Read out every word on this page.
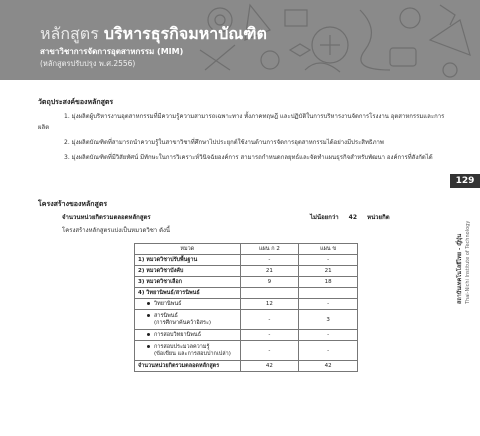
หลักสูตร บริหารธุรกิจมหาบัณฑิต
สาขาวิชาการจัดการอุตสาหกรรม (MIM)
(หลักสูตรปรับปรุง พ.ศ.2556)
129
สถาบันเทคโนโลยีไทย - ญี่ปุ่น Thai-Nichi Institute of Technology
วัตถุประสงค์ของหลักสูตร
1. มุ่งผลิตผู้บริหารงานอุตสาหกรรมที่มีความรู้ความสามารถเฉพาะทาง ทั้งภาคทฤษฎี และปฏิบัติในการบริหารงานจัดการโรงงาน อุตสาหกรรมและการผลิต
2. มุ่งผลิตบัณฑิตที่สามารถนำความรู้ในสาขาวิชาที่ศึกษาไปประยุกต์ใช้งานด้านการจัดการอุตสาหกรรมได้อย่างมีประสิทธิภาพ
3. มุ่งผลิตบัณฑิตที่มีวิสัยทัศน์ มีทักษะในการวิเคราะห์วินิจฉัยองค์การ สามารถกำหนดกลยุทธ์และจัดทำแผนธุรกิจสำหรับพัฒนา องค์การที่สังกัดได้
โครงสร้างของหลักสูตร
จำนวนหน่วยกิตรวมตลอดหลักสูตร	ไม่น้อยกว่า 42 หน่วยกิต
โครงสร้างหลักสูตรแบ่งเป็นหมวดวิชา ดังนี้
หมวด	แผน ก 2	แผน ข
1) หมวดวิชาปรับพื้นฐาน	-	-
2) หมวดวิชาบังคับ	21	21
3) หมวดวิชาเลือก	9	18
4) วิทยานิพนธ์/สารนิพนธ์		
วิทยานิพนธ์	12	-
สารนิพนธ์
(การศึกษาค้นคว้าอิสระ)	-	3
การสอบวิทยานิพนธ์	-	-
การสอบประมวลความรู้
(ข้อเขียน และการสอบปากเปล่า)	-	-
จำนวนหน่วยกิตรวมตลอดหลักสูตร	42	42
